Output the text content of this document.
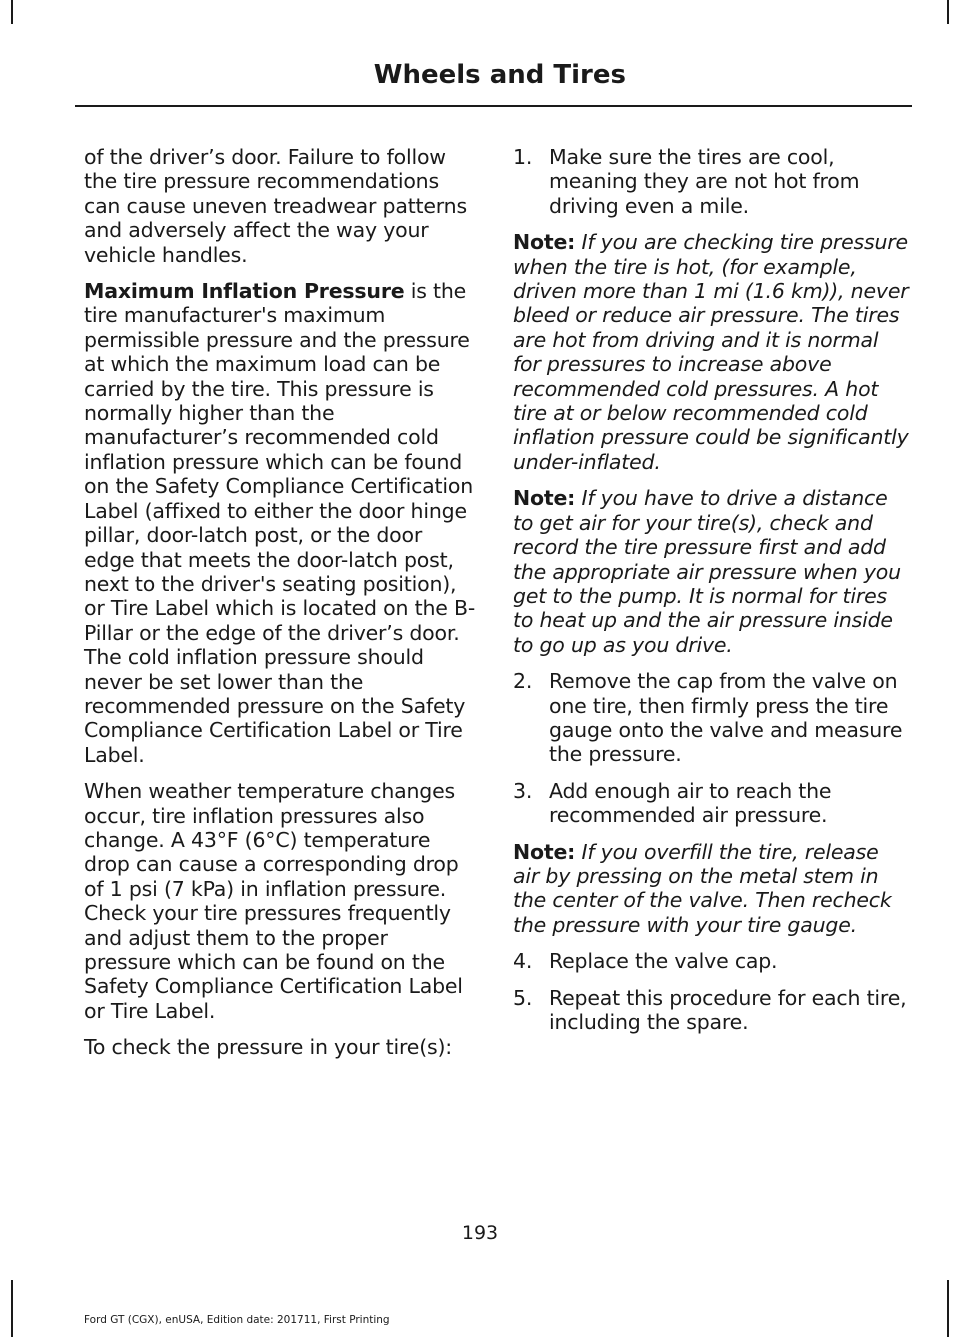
Wheels and Tires

of the driver’s door. Failure to follow the tire pressure recommendations can cause uneven treadwear patterns and adversely affect the way your vehicle handles.

Maximum Inflation Pressure is the tire manufacturer's maximum permissible pressure and the pressure at which the maximum load can be carried by the tire. This pressure is normally higher than the manufacturer’s recommended cold inflation pressure which can be found on the Safety Compliance Certification Label (affixed to either the door hinge pillar, door-latch post, or the door edge that meets the door-latch post, next to the driver's seating position), or Tire Label which is located on the B-Pillar or the edge of the driver’s door. The cold inflation pressure should never be set lower than the recommended pressure on the Safety Compliance Certification Label or Tire Label.

When weather temperature changes occur, tire inflation pressures also change. A 43°F (6°C) temperature drop can cause a corresponding drop of 1 psi (7 kPa) in inflation pressure. Check your tire pressures frequently and adjust them to the proper pressure which can be found on the Safety Compliance Certification Label or Tire Label.

To check the pressure in your tire(s):

1. Make sure the tires are cool, meaning they are not hot from driving even a mile.

Note: If you are checking tire pressure when the tire is hot, (for example, driven more than 1 mi (1.6 km)), never bleed or reduce air pressure. The tires are hot from driving and it is normal for pressures to increase above recommended cold pressures. A hot tire at or below recommended cold inflation pressure could be significantly under-inflated.

Note: If you have to drive a distance to get air for your tire(s), check and record the tire pressure first and add the appropriate air pressure when you get to the pump. It is normal for tires to heat up and the air pressure inside to go up as you drive.

2. Remove the cap from the valve on one tire, then firmly press the tire gauge onto the valve and measure the pressure.
3. Add enough air to reach the recommended air pressure.

Note: If you overfill the tire, release air by pressing on the metal stem in the center of the valve. Then recheck the pressure with your tire gauge.

4. Replace the valve cap.
5. Repeat this procedure for each tire, including the spare.
193
Ford GT (CGX), enUSA, Edition date: 201711, First Printing
